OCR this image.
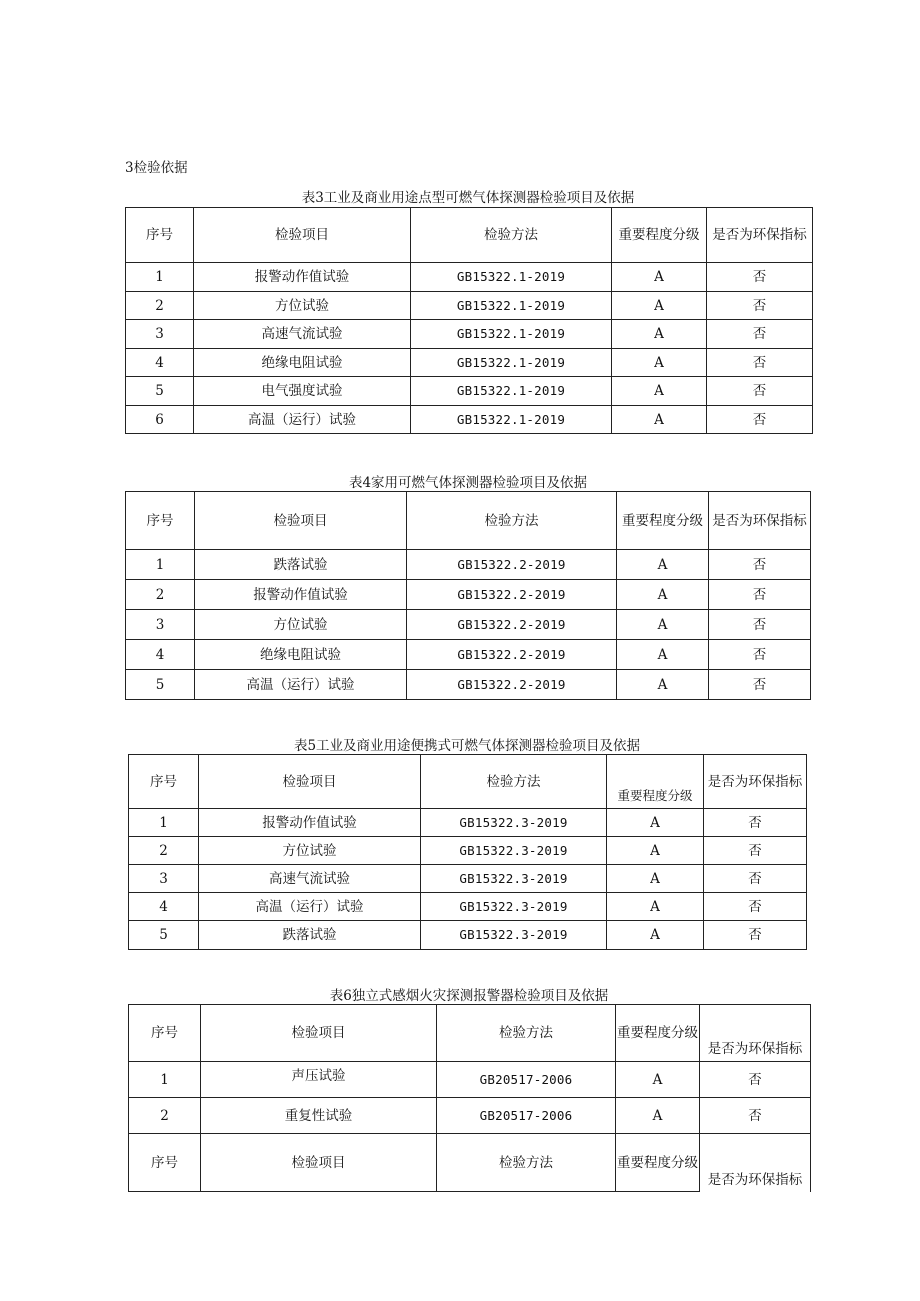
3检验依据
表3工业及商业用途点型可燃气体探测器检验项目及依据
序号	检验项目	检验方法	重要程度分级	是否为环保指标
1	报警动作值试验	GB15322.1-2019	A	否
2	方位试验	GB15322.1-2019	A	否
3	高速气流试验	GB15322.1-2019	A	否
4	绝缘电阻试验	GB15322.1-2019	A	否
5	电气强度试验	GB15322.1-2019	A	否
6	高温（运行）试验	GB15322.1-2019	A	否
表4家用可燃气体探测器检验项目及依据
序号	检验项目	检验方法	重要程度分级	是否为环保指标
1	跌落试验	GB15322.2-2019	A	否
2	报警动作值试验	GB15322.2-2019	A	否
3	方位试验	GB15322.2-2019	A	否
4	绝缘电阻试验	GB15322.2-2019	A	否
5	高温（运行）试验	GB15322.2-2019	A	否
表5工业及商业用途便携式可燃气体探测器检验项目及依据
序号	检验项目	检验方法	重要程度分级	是否为环保指标
1	报警动作值试验	GB15322.3-2019	A	否
2	方位试验	GB15322.3-2019	A	否
3	高速气流试验	GB15322.3-2019	A	否
4	高温（运行）试验	GB15322.3-2019	A	否
5	跌落试验	GB15322.3-2019	A	否
表6独立式感烟火灾探测报警器检验项目及依据
序号	检验项目	检验方法	重要程度分级	是否为环保指标
1	声压试验	GB20517-2006	A	否
2	重复性试验	GB20517-2006	A	否
序号	检验项目	检验方法	重要程度分级	是否为环保指标
